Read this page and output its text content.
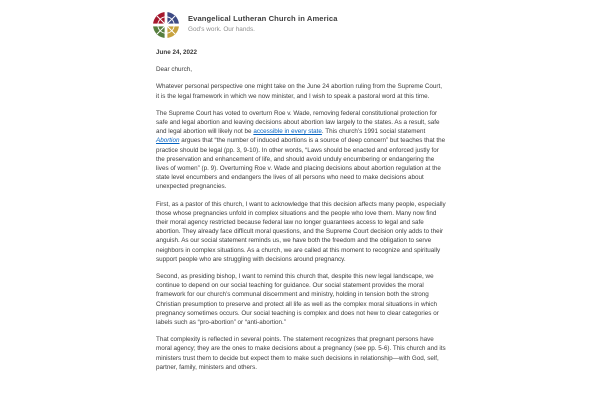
Evangelical Lutheran Church in America
God's work. Our hands.

June 24, 2022

Dear church,

Whatever personal perspective one might take on the June 24 abortion ruling from the Supreme Court, it is the legal framework in which we now minister, and I wish to speak a pastoral word at this time.

The Supreme Court has voted to overturn Roe v. Wade, removing federal constitutional protection for safe and legal abortion and leaving decisions about abortion law largely to the states. As a result, safe and legal abortion will likely not be accessible in every state. This church’s 1991 social statement Abortion argues that “the number of induced abortions is a source of deep concern” but teaches that the practice should be legal (pp. 3, 9-10). In other words, “Laws should be enacted and enforced justly for the preservation and enhancement of life, and should avoid unduly encumbering or endangering the lives of women” (p. 9). Overturning Roe v. Wade and placing decisions about abortion regulation at the state level encumbers and endangers the lives of all persons who need to make decisions about unexpected pregnancies.

First, as a pastor of this church, I want to acknowledge that this decision affects many people, especially those whose pregnancies unfold in complex situations and the people who love them. Many now find their moral agency restricted because federal law no longer guarantees access to legal and safe abortion. They already face difficult moral questions, and the Supreme Court decision only adds to their anguish. As our social statement reminds us, we have both the freedom and the obligation to serve neighbors in complex situations. As a church, we are called at this moment to recognize and spiritually support people who are struggling with decisions around pregnancy.

Second, as presiding bishop, I want to remind this church that, despite this new legal landscape, we continue to depend on our social teaching for guidance. Our social statement provides the moral framework for our church’s communal discernment and ministry, holding in tension both the strong Christian presumption to preserve and protect all life as well as the complex moral situations in which pregnancy sometimes occurs. Our social teaching is complex and does not hew to clear categories or labels such as “pro-abortion” or “anti-abortion.”

That complexity is reflected in several points. The statement recognizes that pregnant persons have moral agency; they are the ones to make decisions about a pregnancy (see pp. 5-6). This church and its ministers trust them to decide but expect them to make such decisions in relationship—with God, self, partner, family, ministers and others.
